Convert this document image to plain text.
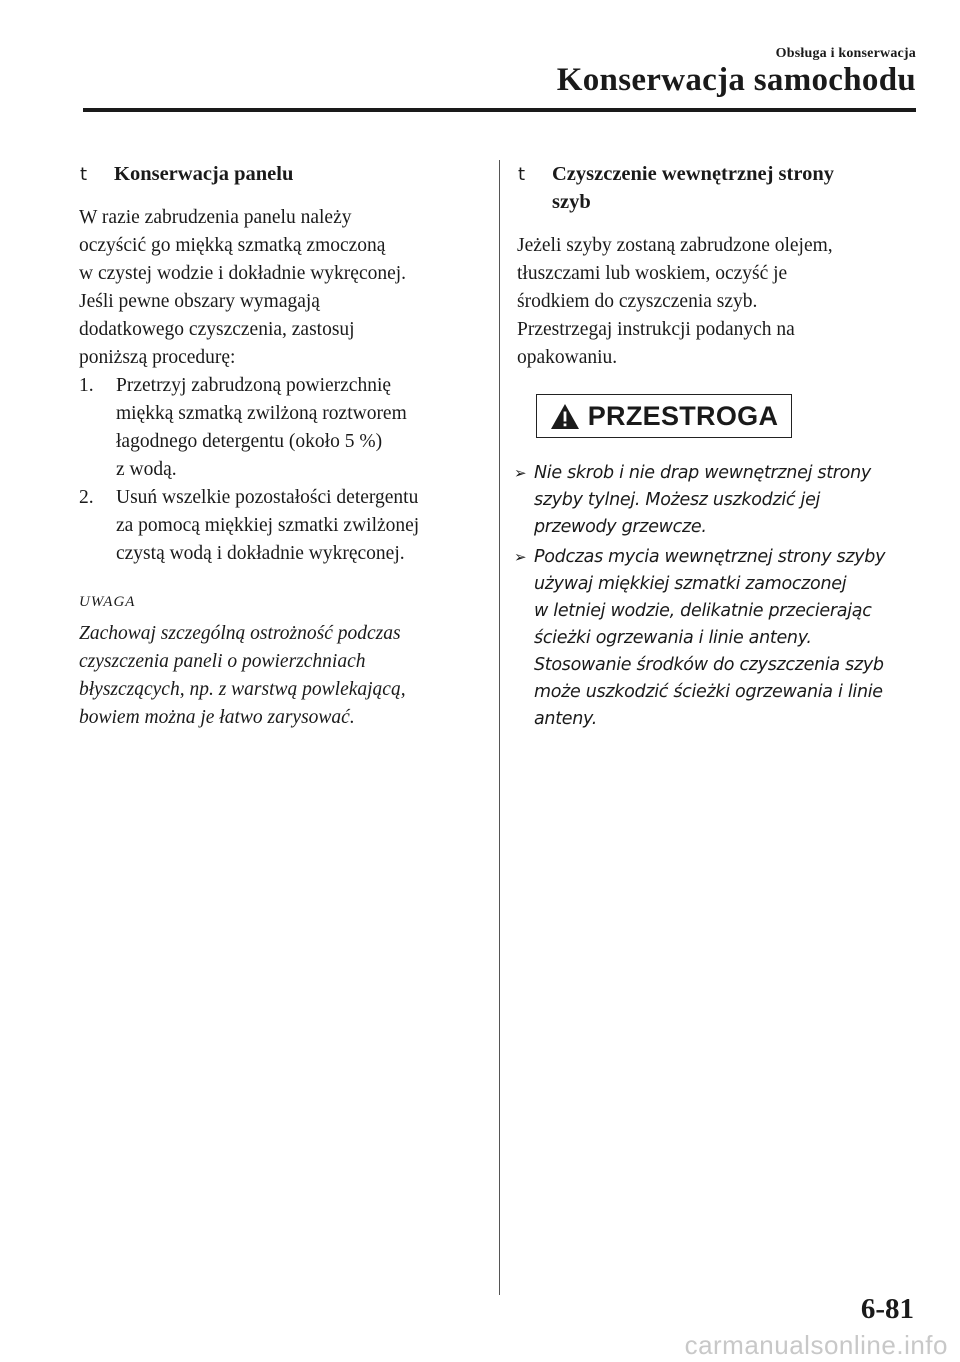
Obsługa i konserwacja
Konserwacja samochodu
t Konserwacja panelu
W razie zabrudzenia panelu należy
oczyścić go miękką szmatką zmoczoną
w czystej wodzie i dokładnie wykręconej.
Jeśli pewne obszary wymagają
dodatkowego czyszczenia, zastosuj
poniższą procedurę:
1. Przetrzyj zabrudzoną powierzchnię
miękką szmatką zwilżoną roztworem
łagodnego detergentu (około 5 %)
z wodą.
2. Usuń wszelkie pozostałości detergentu
za pomocą miękkiej szmatki zwilżonej
czystą wodą i dokładnie wykręconej.
UWAGA
Zachowaj szczególną ostrożność podczas
czyszczenia paneli o powierzchniach
błyszczących, np. z warstwą powlekającą,
bowiem można je łatwo zarysować.
t Czyszczenie wewnętrznej strony
szyb
Jeżeli szyby zostaną zabrudzone olejem,
tłuszczami lub woskiem, oczyść je
środkiem do czyszczenia szyb.
Przestrzegaj instrukcji podanych na
opakowaniu.
PRZESTROGA
➢ Nie skrob i nie drap wewnętrznej strony
szyby tylnej. Możesz uszkodzić jej
przewody grzewcze.
➢ Podczas mycia wewnętrznej strony szyby
używaj miękkiej szmatki zamoczonej
w letniej wodzie, delikatnie przecierając
ścieżki ogrzewania i linie anteny.
Stosowanie środków do czyszczenia szyb
może uszkodzić ścieżki ogrzewania i linie
anteny.
6-81
carmanualsonline.info
